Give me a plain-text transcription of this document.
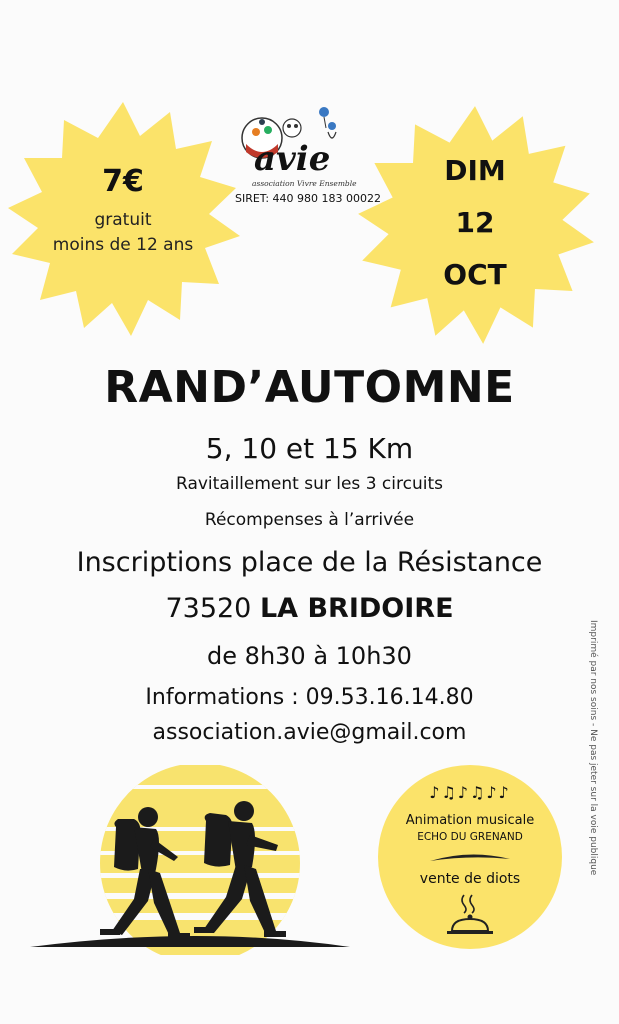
7€
gratuit
moins de 12 ans
DIM
12
OCT
avie
association Vivre Ensemble
SIRET: 440 980 183 00022
RAND’AUTOMNE
5, 10 et 15 Km
Ravitaillement sur les 3 circuits
Récompenses à l’arrivée
Inscriptions place de la Résistance
73520 LA BRIDOIRE
de 8h30 à 10h30
Informations : 09.53.16.14.80
association.avie@gmail.com
♪♫♪♫♪♪
Animation musicale
ECHO DU GRENAND
vente de diots
Imprimé par nos soins - Ne pas jeter sur la voie publique
